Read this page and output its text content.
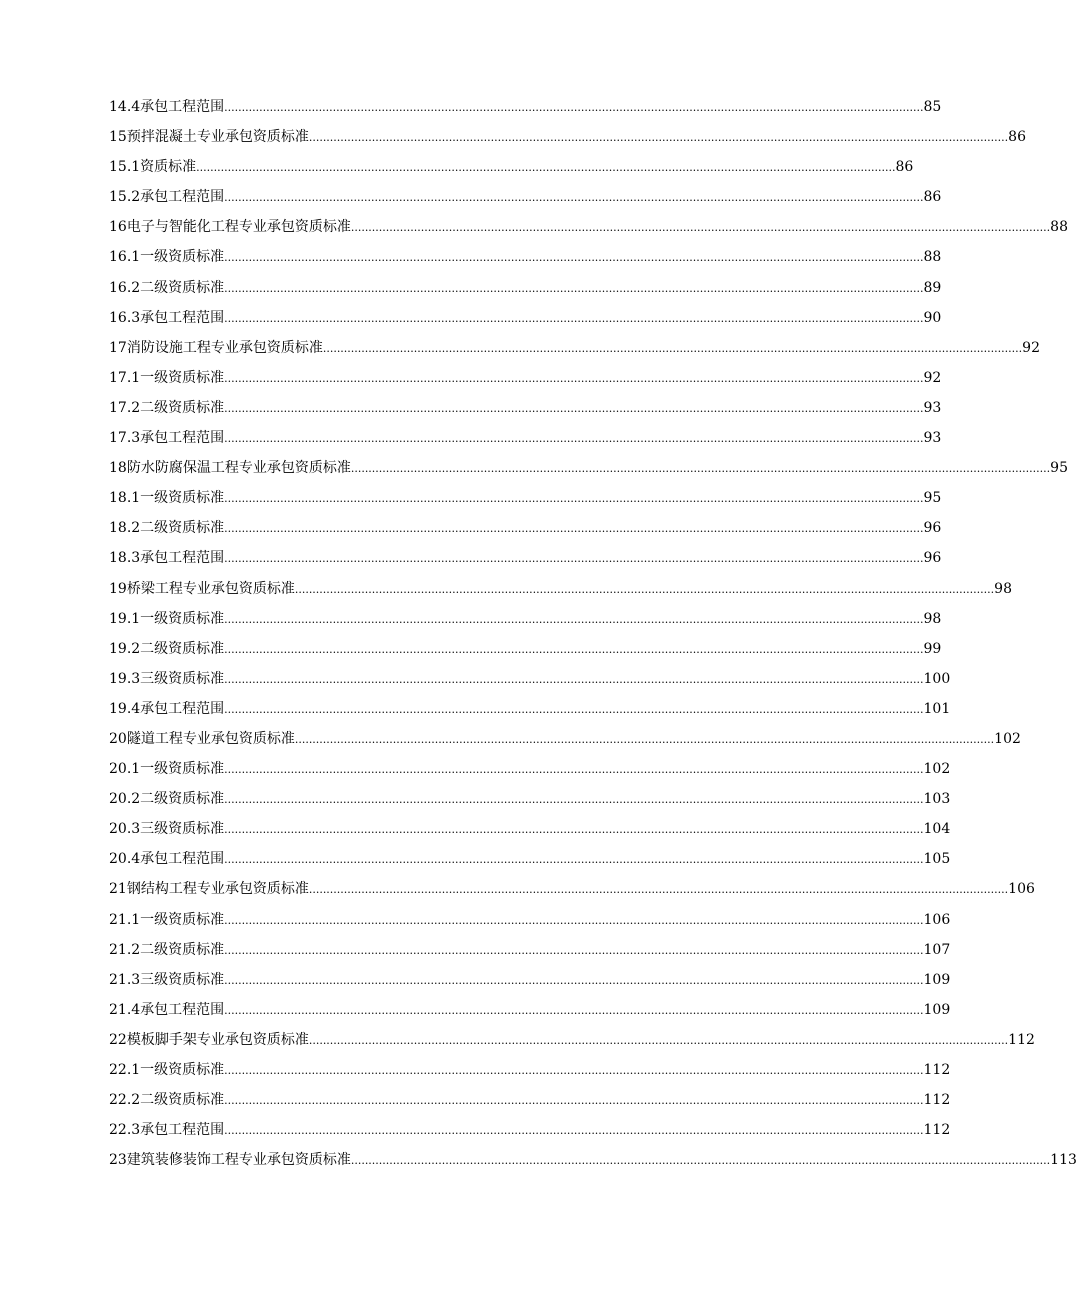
14.4承包工程范围 ........................................................................................................................................................................................................ 85
15预拌混凝土专业承包资质标准 ........................................................................................................................................................................................................ 86
15.1资质标准 ........................................................................................................................................................................................................ 86
15.2承包工程范围 ........................................................................................................................................................................................................ 86
16电子与智能化工程专业承包资质标准 ........................................................................................................................................................................................................ 88
16.1一级资质标准 ........................................................................................................................................................................................................ 88
16.2二级资质标准 ........................................................................................................................................................................................................ 89
16.3承包工程范围 ........................................................................................................................................................................................................ 90
17消防设施工程专业承包资质标准 ........................................................................................................................................................................................................ 92
17.1一级资质标准 ........................................................................................................................................................................................................ 92
17.2二级资质标准 ........................................................................................................................................................................................................ 93
17.3承包工程范围 ........................................................................................................................................................................................................ 93
18防水防腐保温工程专业承包资质标准 ........................................................................................................................................................................................................ 95
18.1一级资质标准 ........................................................................................................................................................................................................ 95
18.2二级资质标准 ........................................................................................................................................................................................................ 96
18.3承包工程范围 ........................................................................................................................................................................................................ 96
19桥梁工程专业承包资质标准 ........................................................................................................................................................................................................ 98
19.1一级资质标准 ........................................................................................................................................................................................................ 98
19.2二级资质标准 ........................................................................................................................................................................................................ 99
19.3三级资质标准 ........................................................................................................................................................................................................ 100
19.4承包工程范围 ........................................................................................................................................................................................................ 101
20隧道工程专业承包资质标准 ........................................................................................................................................................................................................ 102
20.1一级资质标准 ........................................................................................................................................................................................................ 102
20.2二级资质标准 ........................................................................................................................................................................................................ 103
20.3三级资质标准 ........................................................................................................................................................................................................ 104
20.4承包工程范围 ........................................................................................................................................................................................................ 105
21钢结构工程专业承包资质标准 ........................................................................................................................................................................................................ 106
21.1一级资质标准 ........................................................................................................................................................................................................ 106
21.2二级资质标准 ........................................................................................................................................................................................................ 107
21.3三级资质标准 ........................................................................................................................................................................................................ 109
21.4承包工程范围 ........................................................................................................................................................................................................ 109
22模板脚手架专业承包资质标准 ........................................................................................................................................................................................................ 112
22.1一级资质标准 ........................................................................................................................................................................................................ 112
22.2二级资质标准 ........................................................................................................................................................................................................ 112
22.3承包工程范围 ........................................................................................................................................................................................................ 112
23建筑装修装饰工程专业承包资质标准 ........................................................................................................................................................................................................ 113
